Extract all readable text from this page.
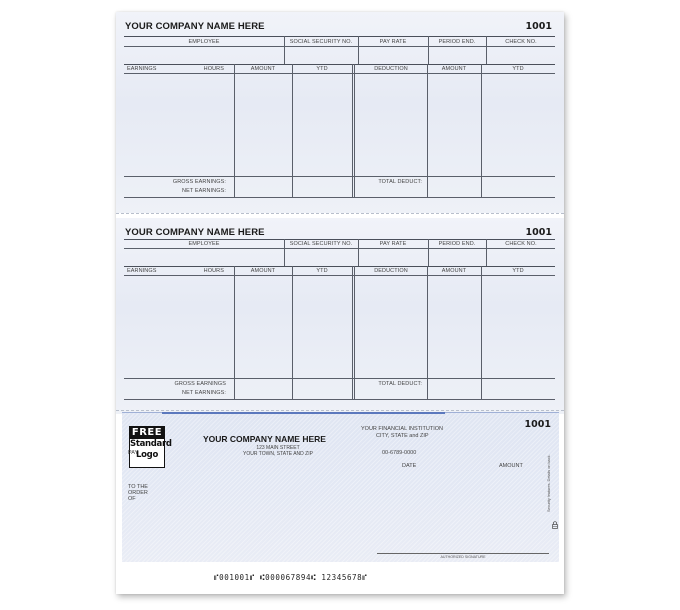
YOUR COMPANY NAME HERE	1001
EMPLOYEE	SOCIAL SECURITY NO.	PAY RATE	PERIOD END.	CHECK NO.
EARNINGS	HOURS	AMOUNT	YTD	DEDUCTION	AMOUNT	YTD
GROSS EARNINGS:
NET EARNINGS:
TOTAL DEDUCT:
YOUR COMPANY NAME HERE	1001
EMPLOYEE	SOCIAL SECURITY NO.	PAY RATE	PERIOD END.	CHECK NO.
EARNINGS	HOURS	AMOUNT	YTD	DEDUCTION	AMOUNT	YTD
GROSS EARNINGS
NET EARNINGS:
TOTAL DEDUCT:
FREE
Standard
Logo
YOUR COMPANY NAME HERE
123 MAIN STREET
YOUR TOWN, STATE AND ZIP
YOUR FINANCIAL INSTITUTION
CITY, STATE and ZIP
00-6789-0000
1001
DATE	AMOUNT
PAY
TO THE
ORDER
OF	Security features. Details on back.
AUTHORIZED SIGNATURE
⑈001001⑈ ⑆000067894⑆ 12345678⑈
